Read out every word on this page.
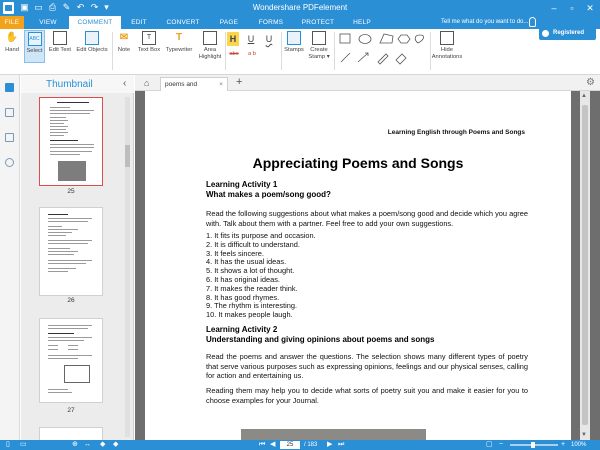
▣ ▭ ⎙ ✎ ↶ ↷ ▾	Wondershare PDFelement	–	▫	✕
FILE	VIEW	COMMENT	EDIT	CONVERT	PAGE	FORMS	PROTECT	HELP	Tell me what do you want to do...
✋
Hand
ABC
Select	Edit Text Edit Objects
✉
Note
T
Text Box
T
Typewriter	Area
Highlight
H	U	U
abc	a b
Stamps	Create
Stamp ▾
Hide
Annotations
Registered
Thumbnail	‹
25
26
27
⌂	poems and	× +	⚙
Learning English through Poems and Songs
Appreciating Poems and Songs
Learning Activity 1
What makes a poem/song good?
Read the following suggestions about what makes a poem/song good and decide which you agree with. Talk about them with a partner. Feel free to add your own suggestions.
1. It fits its purpose and occasion.
2. It is difficult to understand.
3. It feels sincere.
4. It has the usual ideas.
5. It shows a lot of thought.
6. It has original ideas.
7. It makes the reader think.
8. It has good rhymes.
9. The rhythm is interesting.
10. It makes people laugh.
Learning Activity 2
Understanding and giving opinions about poems and songs
Read the poems and answer the questions. The selection shows many different types of poetry that serve various purposes such as expressing opinions, feelings and our physical senses, calling for action and entertaining us.
Reading them may help you to decide what sorts of poetry suit you and make it easier for you to choose examples for your Journal.
▲
▼
▯ ▭	⊕ ↔ ◆ ◆	⏮ ◀	25	/ 183 ▶ ⏭	▢ −	+ 100%
